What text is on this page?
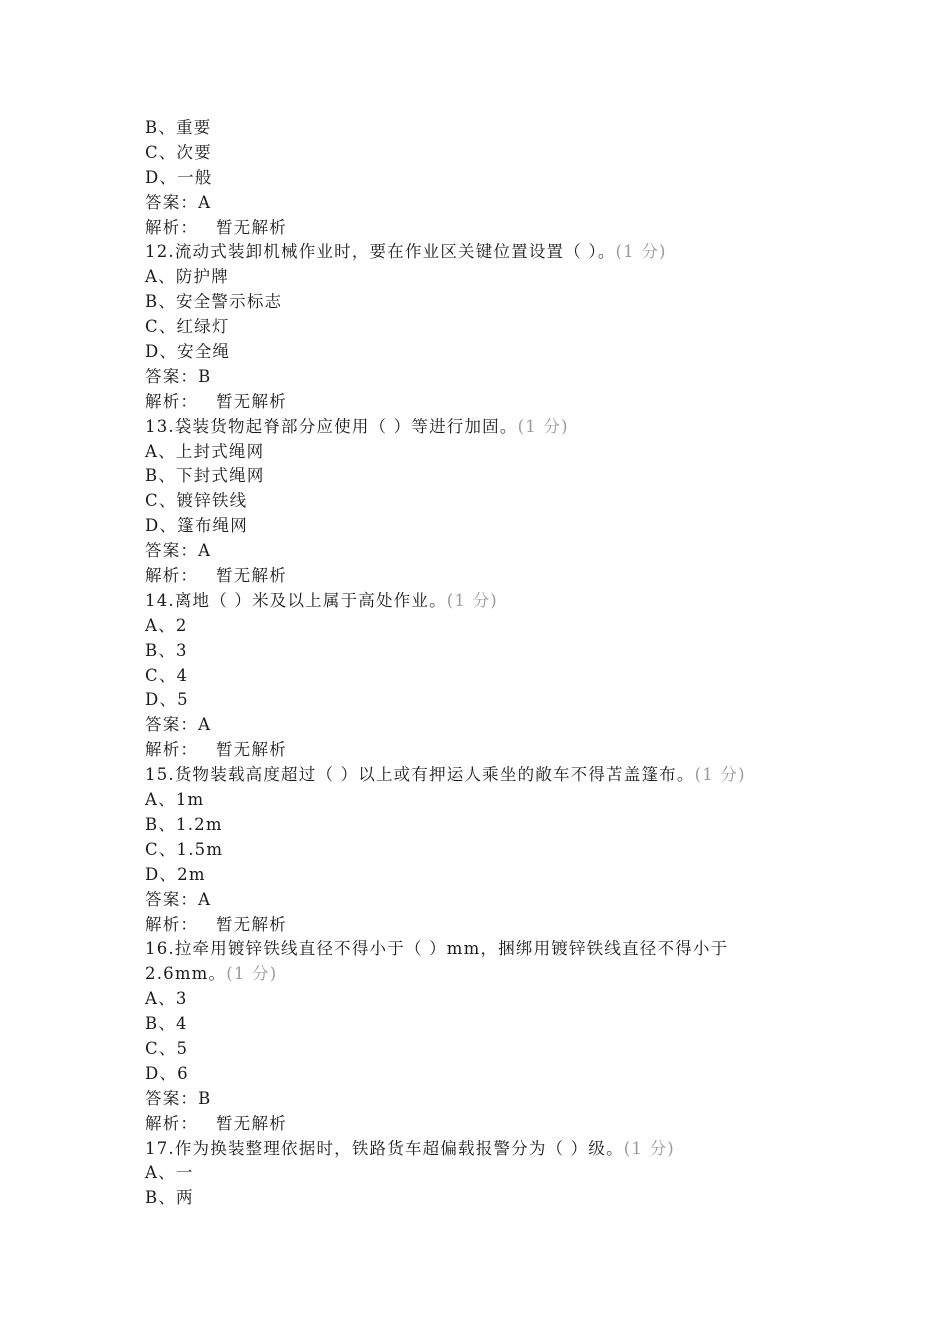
B、重要
C、次要
D、一般
答案：A
解析： 暂无解析
12.流动式装卸机械作业时，要在作业区关键位置设置（ ）。(1 分)
A、防护牌
B、安全警示标志
C、红绿灯
D、安全绳
答案：B
解析： 暂无解析
13.袋装货物起脊部分应使用（ ）等进行加固。(1 分)
A、上封式绳网
B、下封式绳网
C、镀锌铁线
D、篷布绳网
答案：A
解析： 暂无解析
14.离地（ ）米及以上属于高处作业。(1 分)
A、2
B、3
C、4
D、5
答案：A
解析： 暂无解析
15.货物装载高度超过（ ）以上或有押运人乘坐的敞车不得苫盖篷布。(1 分)
A、1m
B、1.2m
C、1.5m
D、2m
答案：A
解析： 暂无解析
16.拉牵用镀锌铁线直径不得小于（ ）mm，捆绑用镀锌铁线直径不得小于 2.6mm。(1 分)
A、3
B、4
C、5
D、6
答案：B
解析： 暂无解析
17.作为换装整理依据时，铁路货车超偏载报警分为（ ）级。(1 分)
A、一
B、两
